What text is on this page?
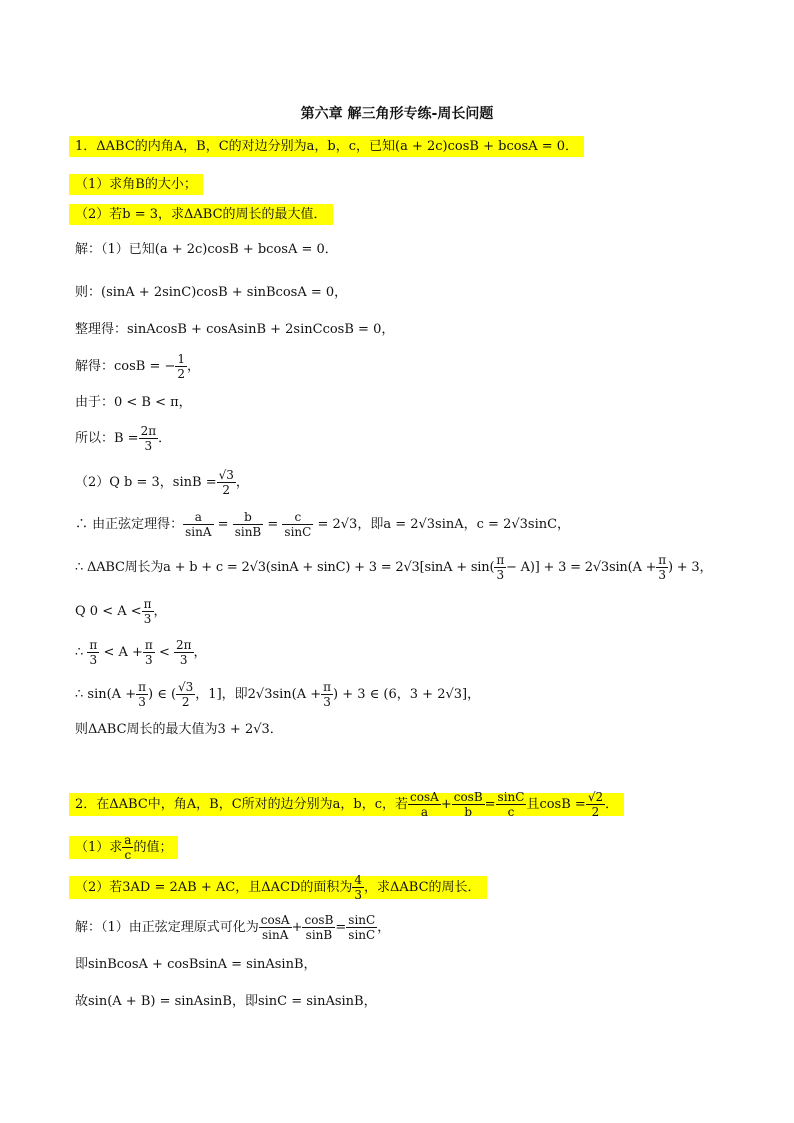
第六章 解三角形专练-周长问题
1．ΔABC的内角A，B，C的对边分别为a，b，c，已知(a + 2c)cosB + bcosA = 0．
（1）求角B的大小；
（2）若b = 3，求ΔABC的周长的最大值．
解：（1）已知(a + 2c)cosB + bcosA = 0．
则：(sinA + 2sinC)cosB + sinBcosA = 0，
整理得：sinAcosB + cosAsinB + 2sinCcosB = 0，
解得：cosB = − $\frac{1}{2}$ ，
由于：0 < B < π，
所以：$B = \frac{2\pi}{3}$ ．
（2）Q b = 3，$\sin B = \frac{√3}{2}$ ，
∴ 由正弦定理得： $\frac{a}{\sin A} = \frac{b}{\sin B} = \frac{c}{\sin C} = 2√3$，即a = 2√3sinA，c = 2√3sinC，
∴ ΔABC周长为$a + b + c = 2√3(\sin A + \sin C) + 3 = 2√3[\sin A + \sin( \frac{\pi}{3} - A)] + 3 = 2√3\sin(A + \frac{\pi}{3}$ ) + 3，
Q $0 < A < \frac{\pi}{3}$ ，
∴ $\frac{\pi}{3} < A + \frac{\pi}{3} < \frac{2\pi}{3}$ ，
∴ $\sin(A + \frac{\pi}{3}$ ) ∈ ( $\frac{√3}{2}$ ，1]，即$2√3\sin(A + \frac{\pi}{3}$ ) + 3 ∈ (6，3 + 2√3]，
则ΔABC周长的最大值为3 + 2√3．
2．在ΔABC中，角A，B，C所对的边分别为a，b，c，若 $\frac{\cos A}{a} + \frac{\cos B}{b} = \frac{\sin C}{c}$ 且$\cos B = \frac{√2}{2}$ ．
（1）求 $\frac{a}{c}$ 的值；
（2）若3AD = 2AB + AC，且ΔACD的面积为 $\frac{4}{3}$ ，求ΔABC的周长．
解：（1）由正弦定理原式可化为 $\frac{\cos A}{\sin A} + \frac{\cos B}{\sin B} = \frac{\sin C}{\sin C}$ ，
即sinBcosA + cosBsinA = sinAsinB，
故sin(A + B) = sinAsinB，即sinC = sinAsinB，
